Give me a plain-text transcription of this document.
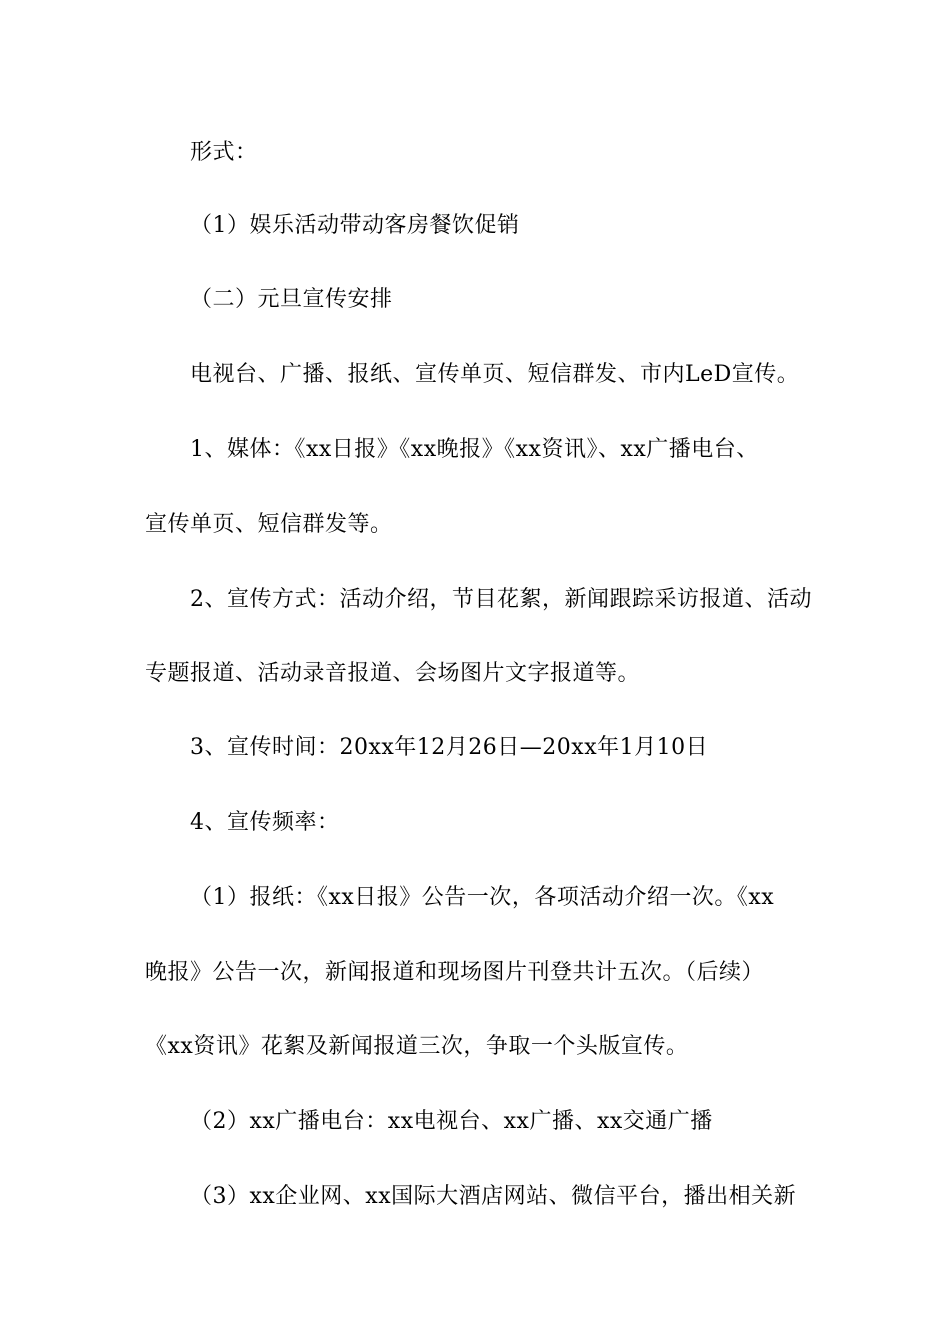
形式：
（1）娱乐活动带动客房餐饮促销
（二）元旦宣传安排
电视台、广播、报纸、宣传单页、短信群发、市内LeD宣传。
1、媒体：《xx日报》《xx晚报》《xx资讯》、xx广播电台、
宣传单页、短信群发等。
2、宣传方式：活动介绍，节目花絮，新闻跟踪采访报道、活动
专题报道、活动录音报道、会场图片文字报道等。
3、宣传时间：20xx年12月26日—20xx年1月10日
4、宣传频率：
（1）报纸：《xx日报》公告一次，各项活动介绍一次。《xx
晚报》公告一次，新闻报道和现场图片刊登共计五次。（后续）
《xx资讯》花絮及新闻报道三次，争取一个头版宣传。
（2）xx广播电台：xx电视台、xx广播、xx交通广播
（3）xx企业网、xx国际大酒店网站、微信平台，播出相关新
